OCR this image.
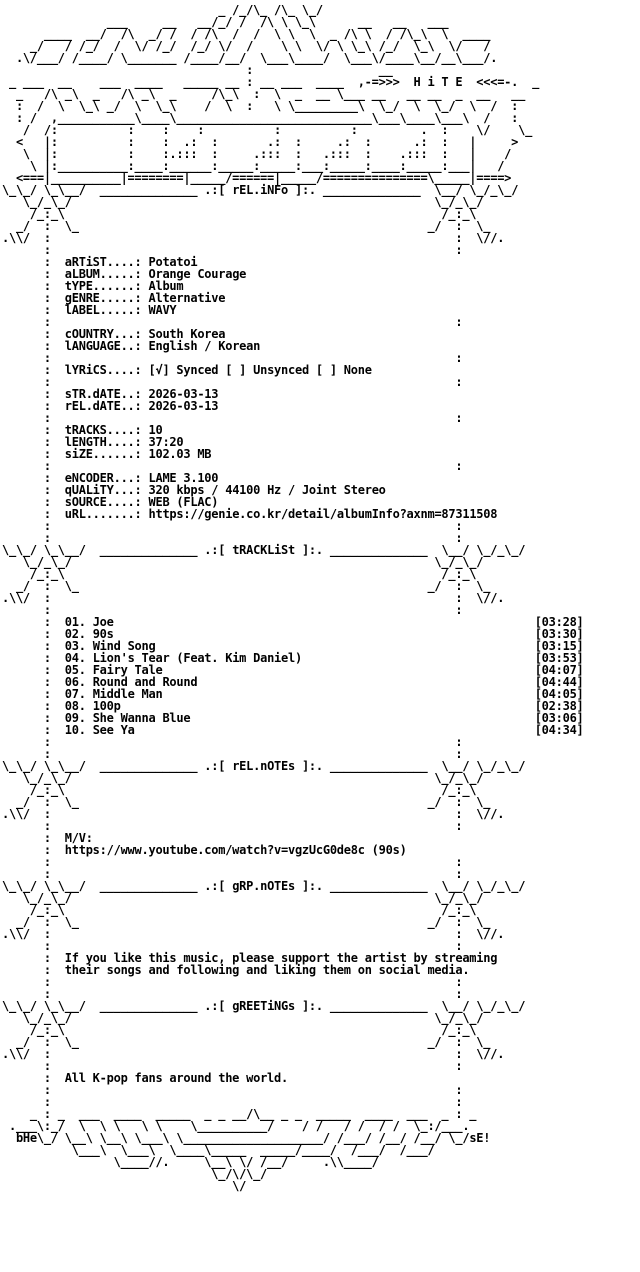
_ /_/\_ /\_ \_/
___     __   __/_/ /  /\ \ \_\      __   __   ___
____  __/  /\  _/ /  / /\  /  /  \ \  \  _ /\ \  / /\_\  \  ____
_/   / /_/  /  \/ /_/  /_/ \/  /    \ \  \/ \ \_\ /_/  \_\  \/   /
.\/___/ /____/ \_______ /____/__/  \___\____/  \___\/____\__/__\___/.
:                  __
_ ___  __    ___  ____   _____ __ : __ ___  ____  ,-=>>>  H i T E  <<<=-.  _
_   /\ _\  _   /\ _\  _     /\_\  :  \  _  __ \___ __   __ __  _  __   __
:  /  \  \_\ _/  \  \_\    /  \  :   \ \_________\  \_/  \  \_/  \  /  :
: /  ,___________\____\____________________________\___\____\___\  /   :
/  /:          :    :    :          :          :         .  :    \/    \_
<   |:          :    :  .:  :       .:  :     .:  :      .:  :   |     >
\  |:          :    :.:::  :     .:::  :   .:::  :    .:::  :   |    /
\ |:__________:____:______:_____:_____:___:_____:____:_____:___|   /
<===|__________|========|_____/======|_____/===============\_____|====>
\_\_/ \_\__/ ______________ .:[ rEL.iNFo ]:. ______________ \__/ \_/_\_/
\_/_\_/                                                    \_/_\_/
/_:_\                                                      /_:_\
_/  :  \_                                                  _/  :  \_
.\\/  :                                                          :  \//.
:                                                          :
:  aRTiST....: Potatoi
:  aLBUM.....: Orange Courage
:  tYPE......: Album
:  gENRE.....: Alternative
:  lABEL.....: WAVY
:                                                          :
:  cOUNTRY...: South Korea
:  lANGUAGE..: English / Korean
:                                                          :
:  lYRiCS....: [√] Synced [ ] Unsynced [ ] None
:                                                          :
:  sTR.dATE..: 2026-03-13
:  rEL.dATE..: 2026-03-13
:                                                          :
:  tRACKS....: 10
:  lENGTH....: 37:20
:  siZE......: 102.03 MB
:                                                          :
:  eNCODER...: LAME 3.100
:  qUALiTY...: 320 kbps / 44100 Hz / Joint Stereo
:  sOURCE....: WEB (FLAC)
:  uRL.......: https://genie.co.kr/detail/albumInfo?axnm=87311508
:                                                          :
:                                                          :
\_\_/ \_\__/ ______________ .:[ tRACKLiSt ]:. ______________ \__/ \_/_\_/
\_/_\_/                                                    \_/_\_/
/_:_\                                                      /_:_\
_/  :  \_                                                  _/  :  \_
.\\/  :                                                          :  \//.
:                                                          :
:  01. Joe	[03:28]
:  02. 90s	[03:30]
:  03. Wind Song	[03:15]
:  04. Lion's Tear (Feat. Kim Daniel)	[03:53]
:  05. Fairy Tale	[04:07]
:  06. Round and Round	[04:44]
:  07. Middle Man	[04:05]
:  08. 100p	[02:38]
:  09. She Wanna Blue	[03:06]
:  10. See Ya	[04:34]
:                                                          :
:                                                          :
\_\_/ \_\__/ ______________ .:[ rEL.nOTEs ]:. ______________ \__/ \_/_\_/
\_/_\_/                                                    \_/_\_/
/_:_\                                                      /_:_\
_/  :  \_                                                  _/  :  \_
.\\/  :                                                          :  \//.
:                                                          :
:  M/V:
:  https://www.youtube.com/watch?v=vgzUcG0de8c (90s)
:                                                          :
:                                                          :
\_\_/ \_\__/ ______________ .:[ gRP.nOTEs ]:. ______________ \__/ \_/_\_/
\_/_\_/                                                    \_/_\_/
/_:_\                                                      /_:_\
_/  :  \_                                                  _/  :  \_
.\\/  :                                                          :  \//.
:                                                          :
:  If you like this music, please support the artist by streaming
:  their songs and following and liking them on social media.
:                                                          :
:                                                          :
\_\_/ \_\__/ ______________ .:[ gREETiNGs ]:. ______________ \__/ \_/_\_/
\_/_\_/                                                    \_/_\_/
/_:_\                                                      /_:_\
_/  :  \_                                                  _/  :  \_
.\\/  :                                                          :  \//.
:                                                          :
:  All K-pop fans around the world.
:                                                          :
:                                                          :
_ : _  ___  ____  _____  _ _ __/\__ _ _  _____  ____  ___  _ : _
.___\:_/  \  \ \   \ \    \__________/    / /   / /  / /  \_:/___.
bHe\_/ \__\ \__\ \___\ \____________________/ /___/ /__/ /__/ \_/sE!
\___\  \___\  \____\_____  _____/____/  /___/  /___/
\____//.     \__\ \/ /__/     .\\____/
\_/\/\_/
\/
